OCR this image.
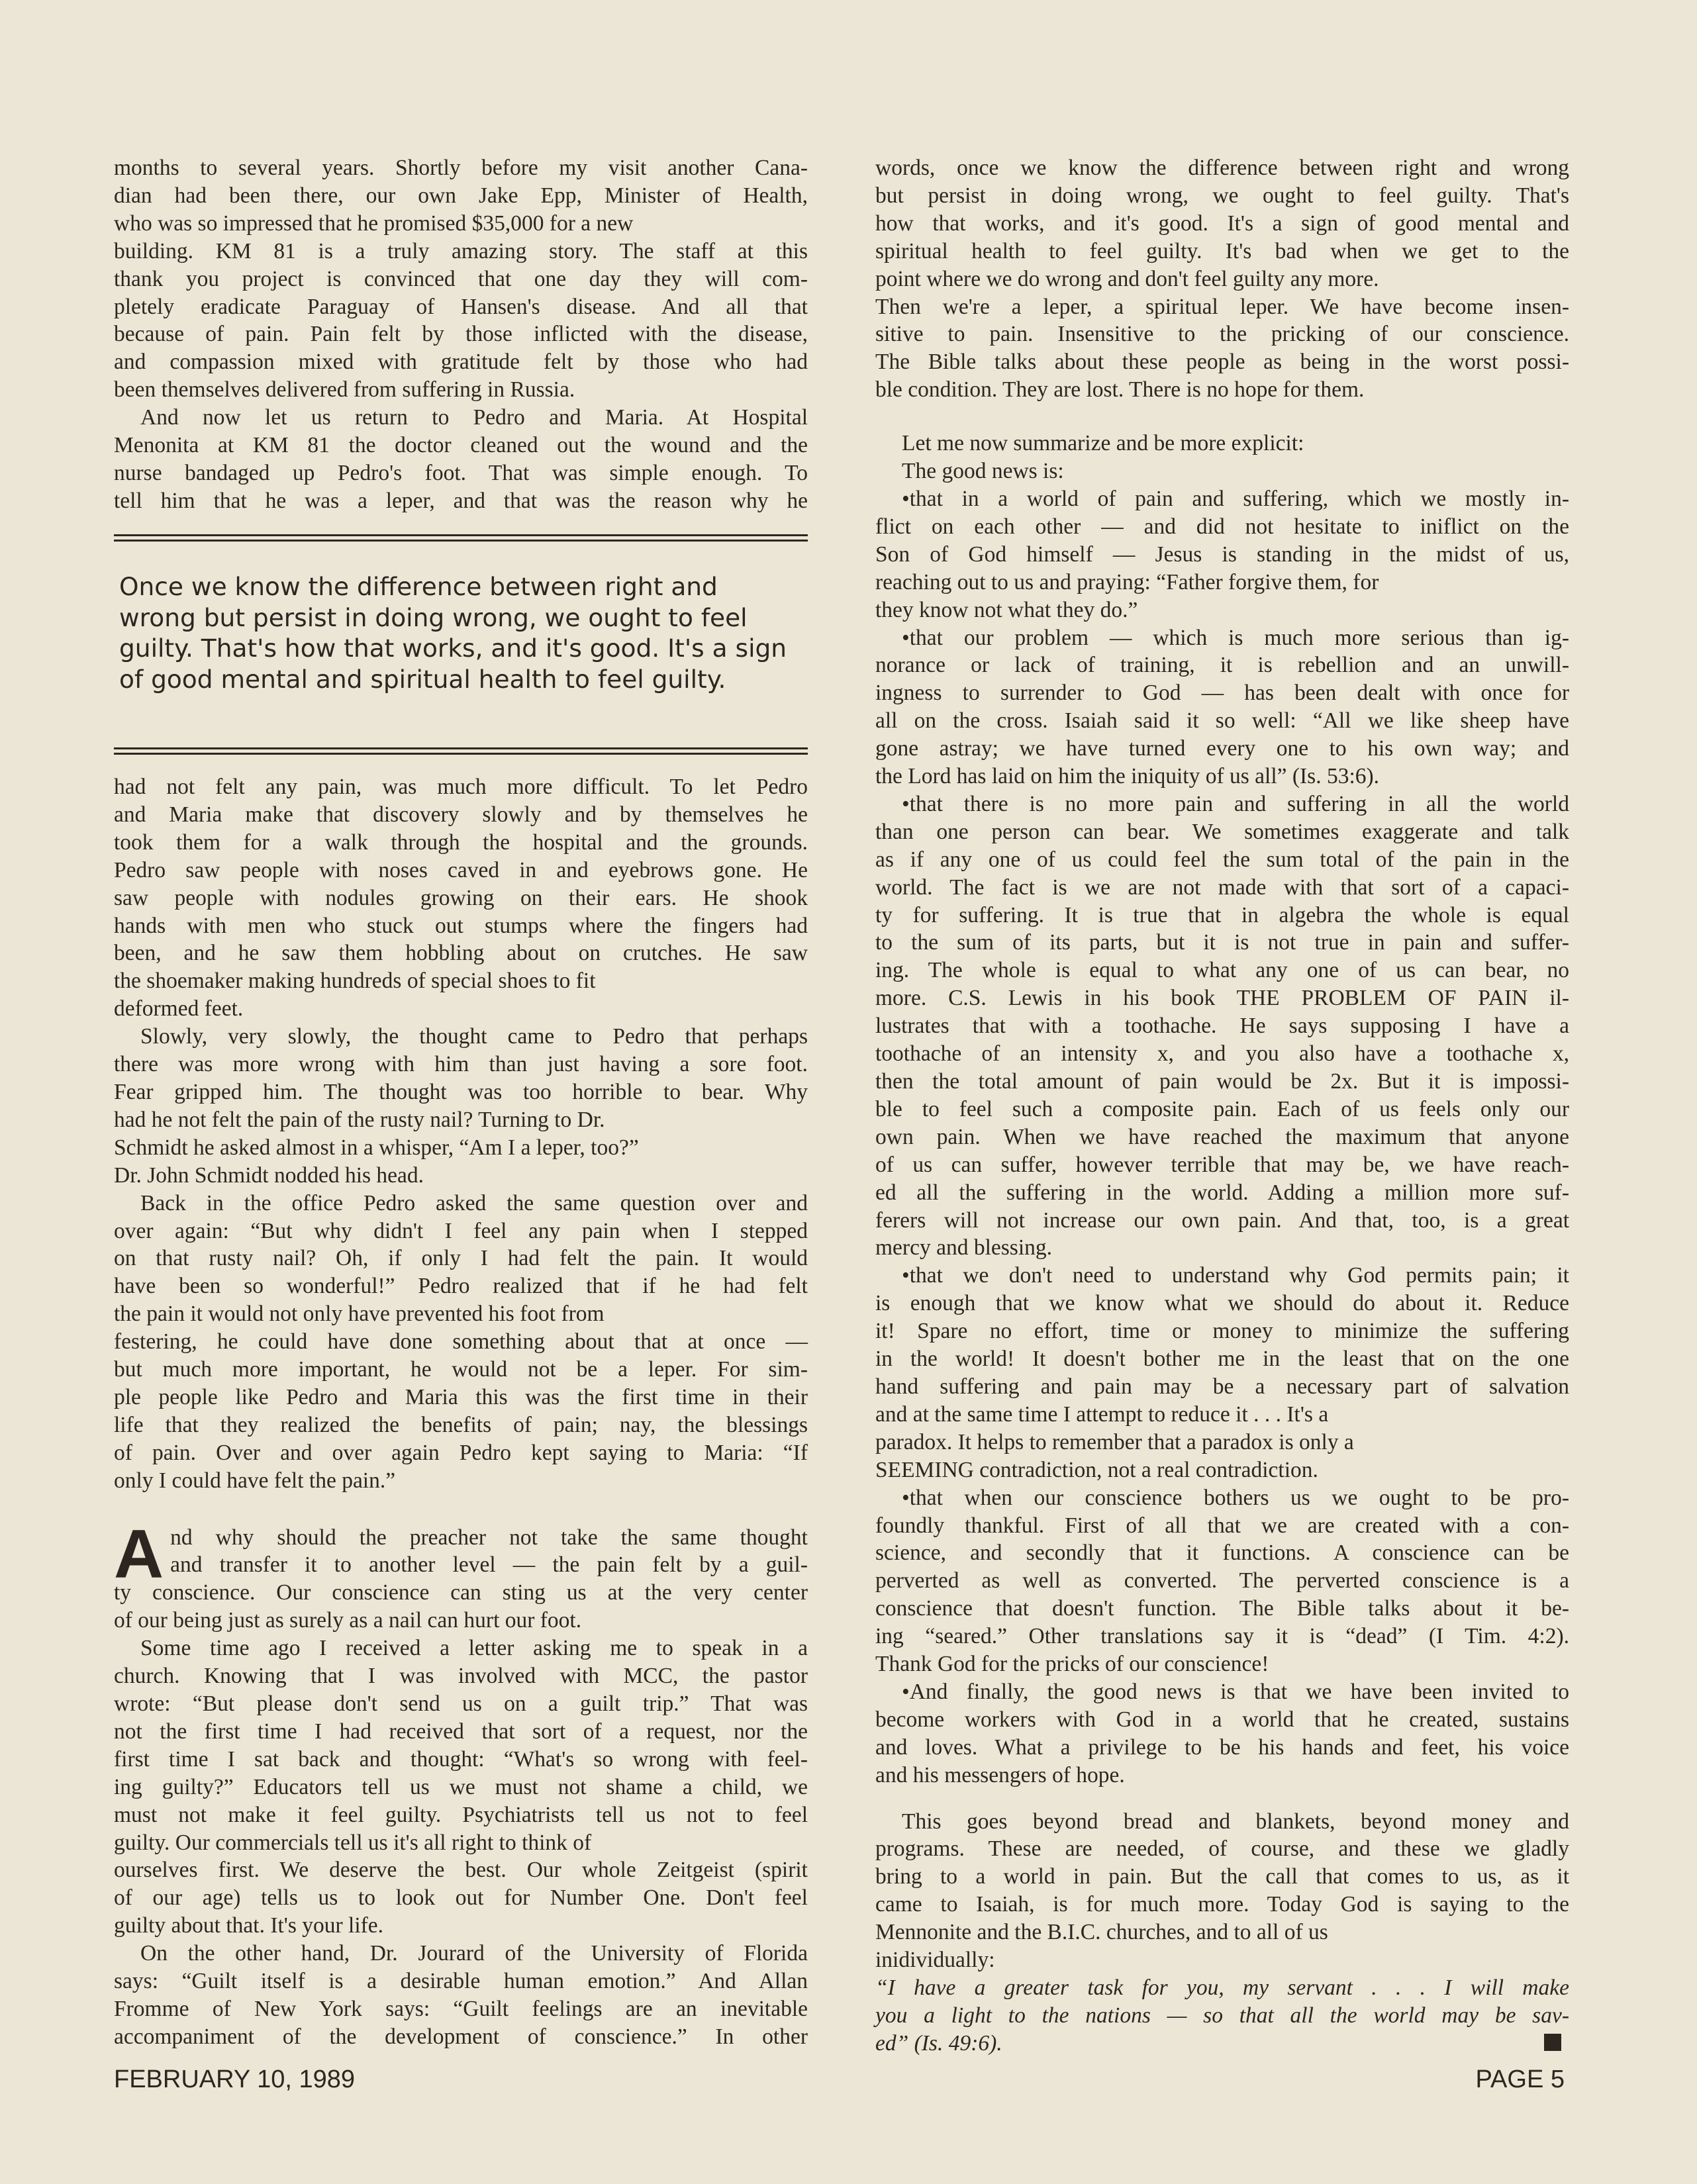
months to several years. Shortly before my visit another Cana-
dian had been there, our own Jake Epp, Minister of Health,
who was so impressed that he promised $35,000 for a new
building. KM 81 is a truly amazing story. The staff at this
thank you project is convinced that one day they will com-
pletely eradicate Paraguay of Hansen's disease. And all that
because of pain. Pain felt by those inflicted with the disease,
and compassion mixed with gratitude felt by those who had
been themselves delivered from suffering in Russia.
And now let us return to Pedro and Maria. At Hospital
Menonita at KM 81 the doctor cleaned out the wound and the
nurse bandaged up Pedro's foot. That was simple enough. To
tell him that he was a leper, and that was the reason why he
Once we know the difference between right and wrong but persist in doing wrong, we ought to feel guilty. That's how that works, and it's good. It's a sign of good mental and spiritual health to feel guilty.
had not felt any pain, was much more difficult. To let Pedro
and Maria make that discovery slowly and by themselves he
took them for a walk through the hospital and the grounds.
Pedro saw people with noses caved in and eyebrows gone. He
saw people with nodules growing on their ears. He shook
hands with men who stuck out stumps where the fingers had
been, and he saw them hobbling about on crutches. He saw
the shoemaker making hundreds of special shoes to fit
deformed feet.
Slowly, very slowly, the thought came to Pedro that perhaps
there was more wrong with him than just having a sore foot.
Fear gripped him. The thought was too horrible to bear. Why
had he not felt the pain of the rusty nail? Turning to Dr.
Schmidt he asked almost in a whisper, “Am I a leper, too?”
Dr. John Schmidt nodded his head.
Back in the office Pedro asked the same question over and
over again: “But why didn't I feel any pain when I stepped
on that rusty nail? Oh, if only I had felt the pain. It would
have been so wonderful!” Pedro realized that if he had felt
the pain it would not only have prevented his foot from
festering, he could have done something about that at once —
but much more important, he would not be a leper. For sim-
ple people like Pedro and Maria this was the first time in their
life that they realized the benefits of pain; nay, the blessings
of pain. Over and over again Pedro kept saying to Maria: “If
only I could have felt the pain.”
A nd why should the preacher not take the same thought
and transfer it to another level — the pain felt by a guil-
ty conscience. Our conscience can sting us at the very center
of our being just as surely as a nail can hurt our foot.
Some time ago I received a letter asking me to speak in a
church. Knowing that I was involved with MCC, the pastor
wrote: “But please don't send us on a guilt trip.” That was
not the first time I had received that sort of a request, nor the
first time I sat back and thought: “What's so wrong with feel-
ing guilty?” Educators tell us we must not shame a child, we
must not make it feel guilty. Psychiatrists tell us not to feel
guilty. Our commercials tell us it's all right to think of
ourselves first. We deserve the best. Our whole Zeitgeist (spirit
of our age) tells us to look out for Number One. Don't feel
guilty about that. It's your life.
On the other hand, Dr. Jourard of the University of Florida
says: “Guilt itself is a desirable human emotion.” And Allan
Fromme of New York says: “Guilt feelings are an inevitable
accompaniment of the development of conscience.” In other
words, once we know the difference between right and wrong
but persist in doing wrong, we ought to feel guilty. That's
how that works, and it's good. It's a sign of good mental and
spiritual health to feel guilty. It's bad when we get to the
point where we do wrong and don't feel guilty any more.
Then we're a leper, a spiritual leper. We have become insen-
sitive to pain. Insensitive to the pricking of our conscience.
The Bible talks about these people as being in the worst possi-
ble condition. They are lost. There is no hope for them.
Let me now summarize and be more explicit:
The good news is:
•that in a world of pain and suffering, which we mostly in-
flict on each other — and did not hesitate to iniflict on the
Son of God himself — Jesus is standing in the midst of us,
reaching out to us and praying: “Father forgive them, for
they know not what they do.”
•that our problem — which is much more serious than ig-
norance or lack of training, it is rebellion and an unwill-
ingness to surrender to God — has been dealt with once for
all on the cross. Isaiah said it so well: “All we like sheep have
gone astray; we have turned every one to his own way; and
the Lord has laid on him the iniquity of us all” (Is. 53:6).
•that there is no more pain and suffering in all the world
than one person can bear. We sometimes exaggerate and talk
as if any one of us could feel the sum total of the pain in the
world. The fact is we are not made with that sort of a capaci-
ty for suffering. It is true that in algebra the whole is equal
to the sum of its parts, but it is not true in pain and suffer-
ing. The whole is equal to what any one of us can bear, no
more. C.S. Lewis in his book THE PROBLEM OF PAIN il-
lustrates that with a toothache. He says supposing I have a
toothache of an intensity x, and you also have a toothache x,
then the total amount of pain would be 2x. But it is impossi-
ble to feel such a composite pain. Each of us feels only our
own pain. When we have reached the maximum that anyone
of us can suffer, however terrible that may be, we have reach-
ed all the suffering in the world. Adding a million more suf-
ferers will not increase our own pain. And that, too, is a great
mercy and blessing.
•that we don't need to understand why God permits pain; it
is enough that we know what we should do about it. Reduce
it! Spare no effort, time or money to minimize the suffering
in the world! It doesn't bother me in the least that on the one
hand suffering and pain may be a necessary part of salvation
and at the same time I attempt to reduce it . . . It's a
paradox. It helps to remember that a paradox is only a
SEEMING contradiction, not a real contradiction.
•that when our conscience bothers us we ought to be pro-
foundly thankful. First of all that we are created with a con-
science, and secondly that it functions. A conscience can be
perverted as well as converted. The perverted conscience is a
conscience that doesn't function. The Bible talks about it be-
ing “seared.” Other translations say it is “dead” (I Tim. 4:2).
Thank God for the pricks of our conscience!
•And finally, the good news is that we have been invited to
become workers with God in a world that he created, sustains
and loves. What a privilege to be his hands and feet, his voice
and his messengers of hope.
This goes beyond bread and blankets, beyond money and
programs. These are needed, of course, and these we gladly
bring to a world in pain. But the call that comes to us, as it
came to Isaiah, is for much more. Today God is saying to the
Mennonite and the B.I.C. churches, and to all of us
inidividually:
“I have a greater task for you, my servant . . . I will make
you a light to the nations — so that all the world may be sav-
ed” (Is. 49:6).
FEBRUARY 10, 1989	PAGE 5
